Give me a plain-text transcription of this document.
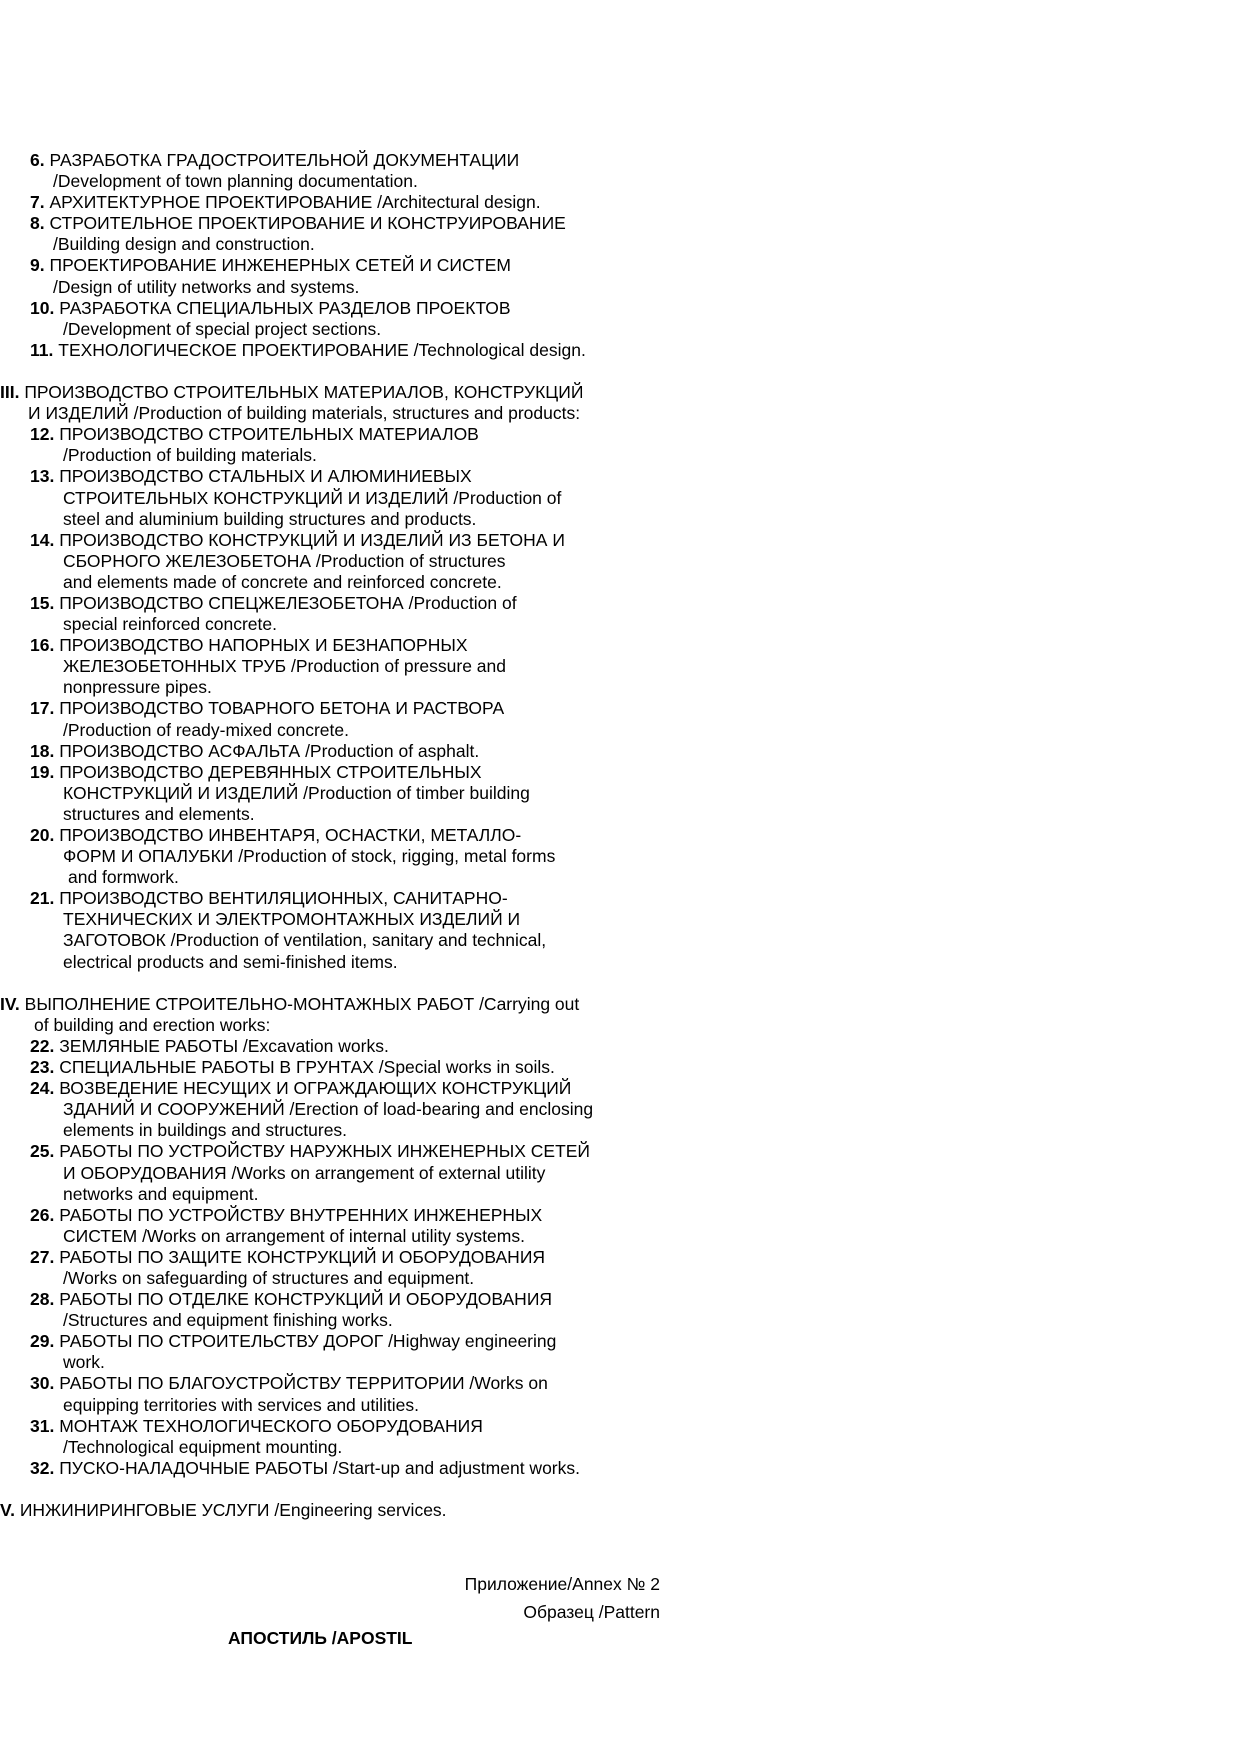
6. РАЗРАБОТКА ГРАДОСТРОИТЕЛЬНОЙ ДОКУМЕНТАЦИИ
/Development of town planning documentation.
7. АРХИТЕКТУРНОЕ ПРОЕКТИРОВАНИЕ /Architectural design.
8. СТРОИТЕЛЬНОЕ ПРОЕКТИРОВАНИЕ И КОНСТРУИРОВАНИЕ
/Building design and construction.
9. ПРОЕКТИРОВАНИЕ ИНЖЕНЕРНЫХ СЕТЕЙ И СИСТЕМ
/Design of utility networks and systems.
10. РАЗРАБОТКА СПЕЦИАЛЬНЫХ РАЗДЕЛОВ ПРОЕКТОВ
/Development of special project sections.
11. ТЕХНОЛОГИЧЕСКОЕ ПРОЕКТИРОВАНИЕ /Technological design.
III. ПРОИЗВОДСТВО СТРОИТЕЛЬНЫХ МАТЕРИАЛОВ, КОНСТРУКЦИЙ
И ИЗДЕЛИЙ /Production of building materials, structures and products:
12. ПРОИЗВОДСТВО СТРОИТЕЛЬНЫХ МАТЕРИАЛОВ
/Production of building materials.
13. ПРОИЗВОДСТВО СТАЛЬНЫХ И АЛЮМИНИЕВЫХ
СТРОИТЕЛЬНЫХ КОНСТРУКЦИЙ И ИЗДЕЛИЙ /Production of
steel and aluminium building structures and products.
14. ПРОИЗВОДСТВО КОНСТРУКЦИЙ И ИЗДЕЛИЙ ИЗ БЕТОНА И
СБОРНОГО ЖЕЛЕЗОБЕТОНА /Production of structures
and elements made of concrete and reinforced concrete.
15. ПРОИЗВОДСТВО СПЕЦЖЕЛЕЗОБЕТОНА /Production of
special reinforced concrete.
16. ПРОИЗВОДСТВО НАПОРНЫХ И БЕЗНАПОРНЫХ
ЖЕЛЕЗОБЕТОННЫХ ТРУБ /Production of pressure and
nonpressure pipes.
17. ПРОИЗВОДСТВО ТОВАРНОГО БЕТОНА И РАСТВОРА
/Production of ready-mixed concrete.
18. ПРОИЗВОДСТВО АСФАЛЬТА /Production of asphalt.
19. ПРОИЗВОДСТВО ДЕРЕВЯННЫХ СТРОИТЕЛЬНЫХ
КОНСТРУКЦИЙ И ИЗДЕЛИЙ /Production of timber building
structures and elements.
20. ПРОИЗВОДСТВО ИНВЕНТАРЯ, ОСНАСТКИ, МЕТАЛЛО-
ФОРМ И ОПАЛУБКИ /Production of stock, rigging, metal forms
and formwork.
21. ПРОИЗВОДСТВО ВЕНТИЛЯЦИОННЫХ, САНИТАРНО-
ТЕХНИЧЕСКИХ И ЭЛЕКТРОМОНТАЖНЫХ ИЗДЕЛИЙ И
ЗАГОТОВОК /Production of ventilation, sanitary and technical,
electrical products and semi-finished items.
IV. ВЫПОЛНЕНИЕ СТРОИТЕЛЬНО-МОНТАЖНЫХ РАБОТ /Carrying out
of building and erection works:
22. ЗЕМЛЯНЫЕ РАБОТЫ /Excavation works.
23. СПЕЦИАЛЬНЫЕ РАБОТЫ В ГРУНТАХ /Special works in soils.
24. ВОЗВЕДЕНИЕ НЕСУЩИХ И ОГРАЖДАЮЩИХ КОНСТРУКЦИЙ
ЗДАНИЙ И СООРУЖЕНИЙ /Erection of load-bearing and enclosing
elements in buildings and structures.
25. РАБОТЫ ПО УСТРОЙСТВУ НАРУЖНЫХ ИНЖЕНЕРНЫХ СЕТЕЙ
И ОБОРУДОВАНИЯ /Works on arrangement of external utility
networks and equipment.
26. РАБОТЫ ПО УСТРОЙСТВУ ВНУТРЕННИХ ИНЖЕНЕРНЫХ
СИСТЕМ /Works on arrangement of internal utility systems.
27. РАБОТЫ ПО ЗАЩИТЕ КОНСТРУКЦИЙ И ОБОРУДОВАНИЯ
/Works on safeguarding of structures and equipment.
28. РАБОТЫ ПО ОТДЕЛКЕ КОНСТРУКЦИЙ И ОБОРУДОВАНИЯ
/Structures and equipment finishing works.
29. РАБОТЫ ПО СТРОИТЕЛЬСТВУ ДОРОГ /Highway engineering
work.
30. РАБОТЫ ПО БЛАГОУСТРОЙСТВУ ТЕРРИТОРИИ /Works on
equipping territories with services and utilities.
31. МОНТАЖ ТЕХНОЛОГИЧЕСКОГО ОБОРУДОВАНИЯ
/Technological equipment mounting.
32. ПУСКО-НАЛАДОЧНЫЕ РАБОТЫ /Start-up and adjustment works.
V. ИНЖИНИРИНГОВЫЕ УСЛУГИ /Engineering services.
Приложение/Annex № 2
Образец /Pattern
АПОСТИЛЬ /APOSTIL
